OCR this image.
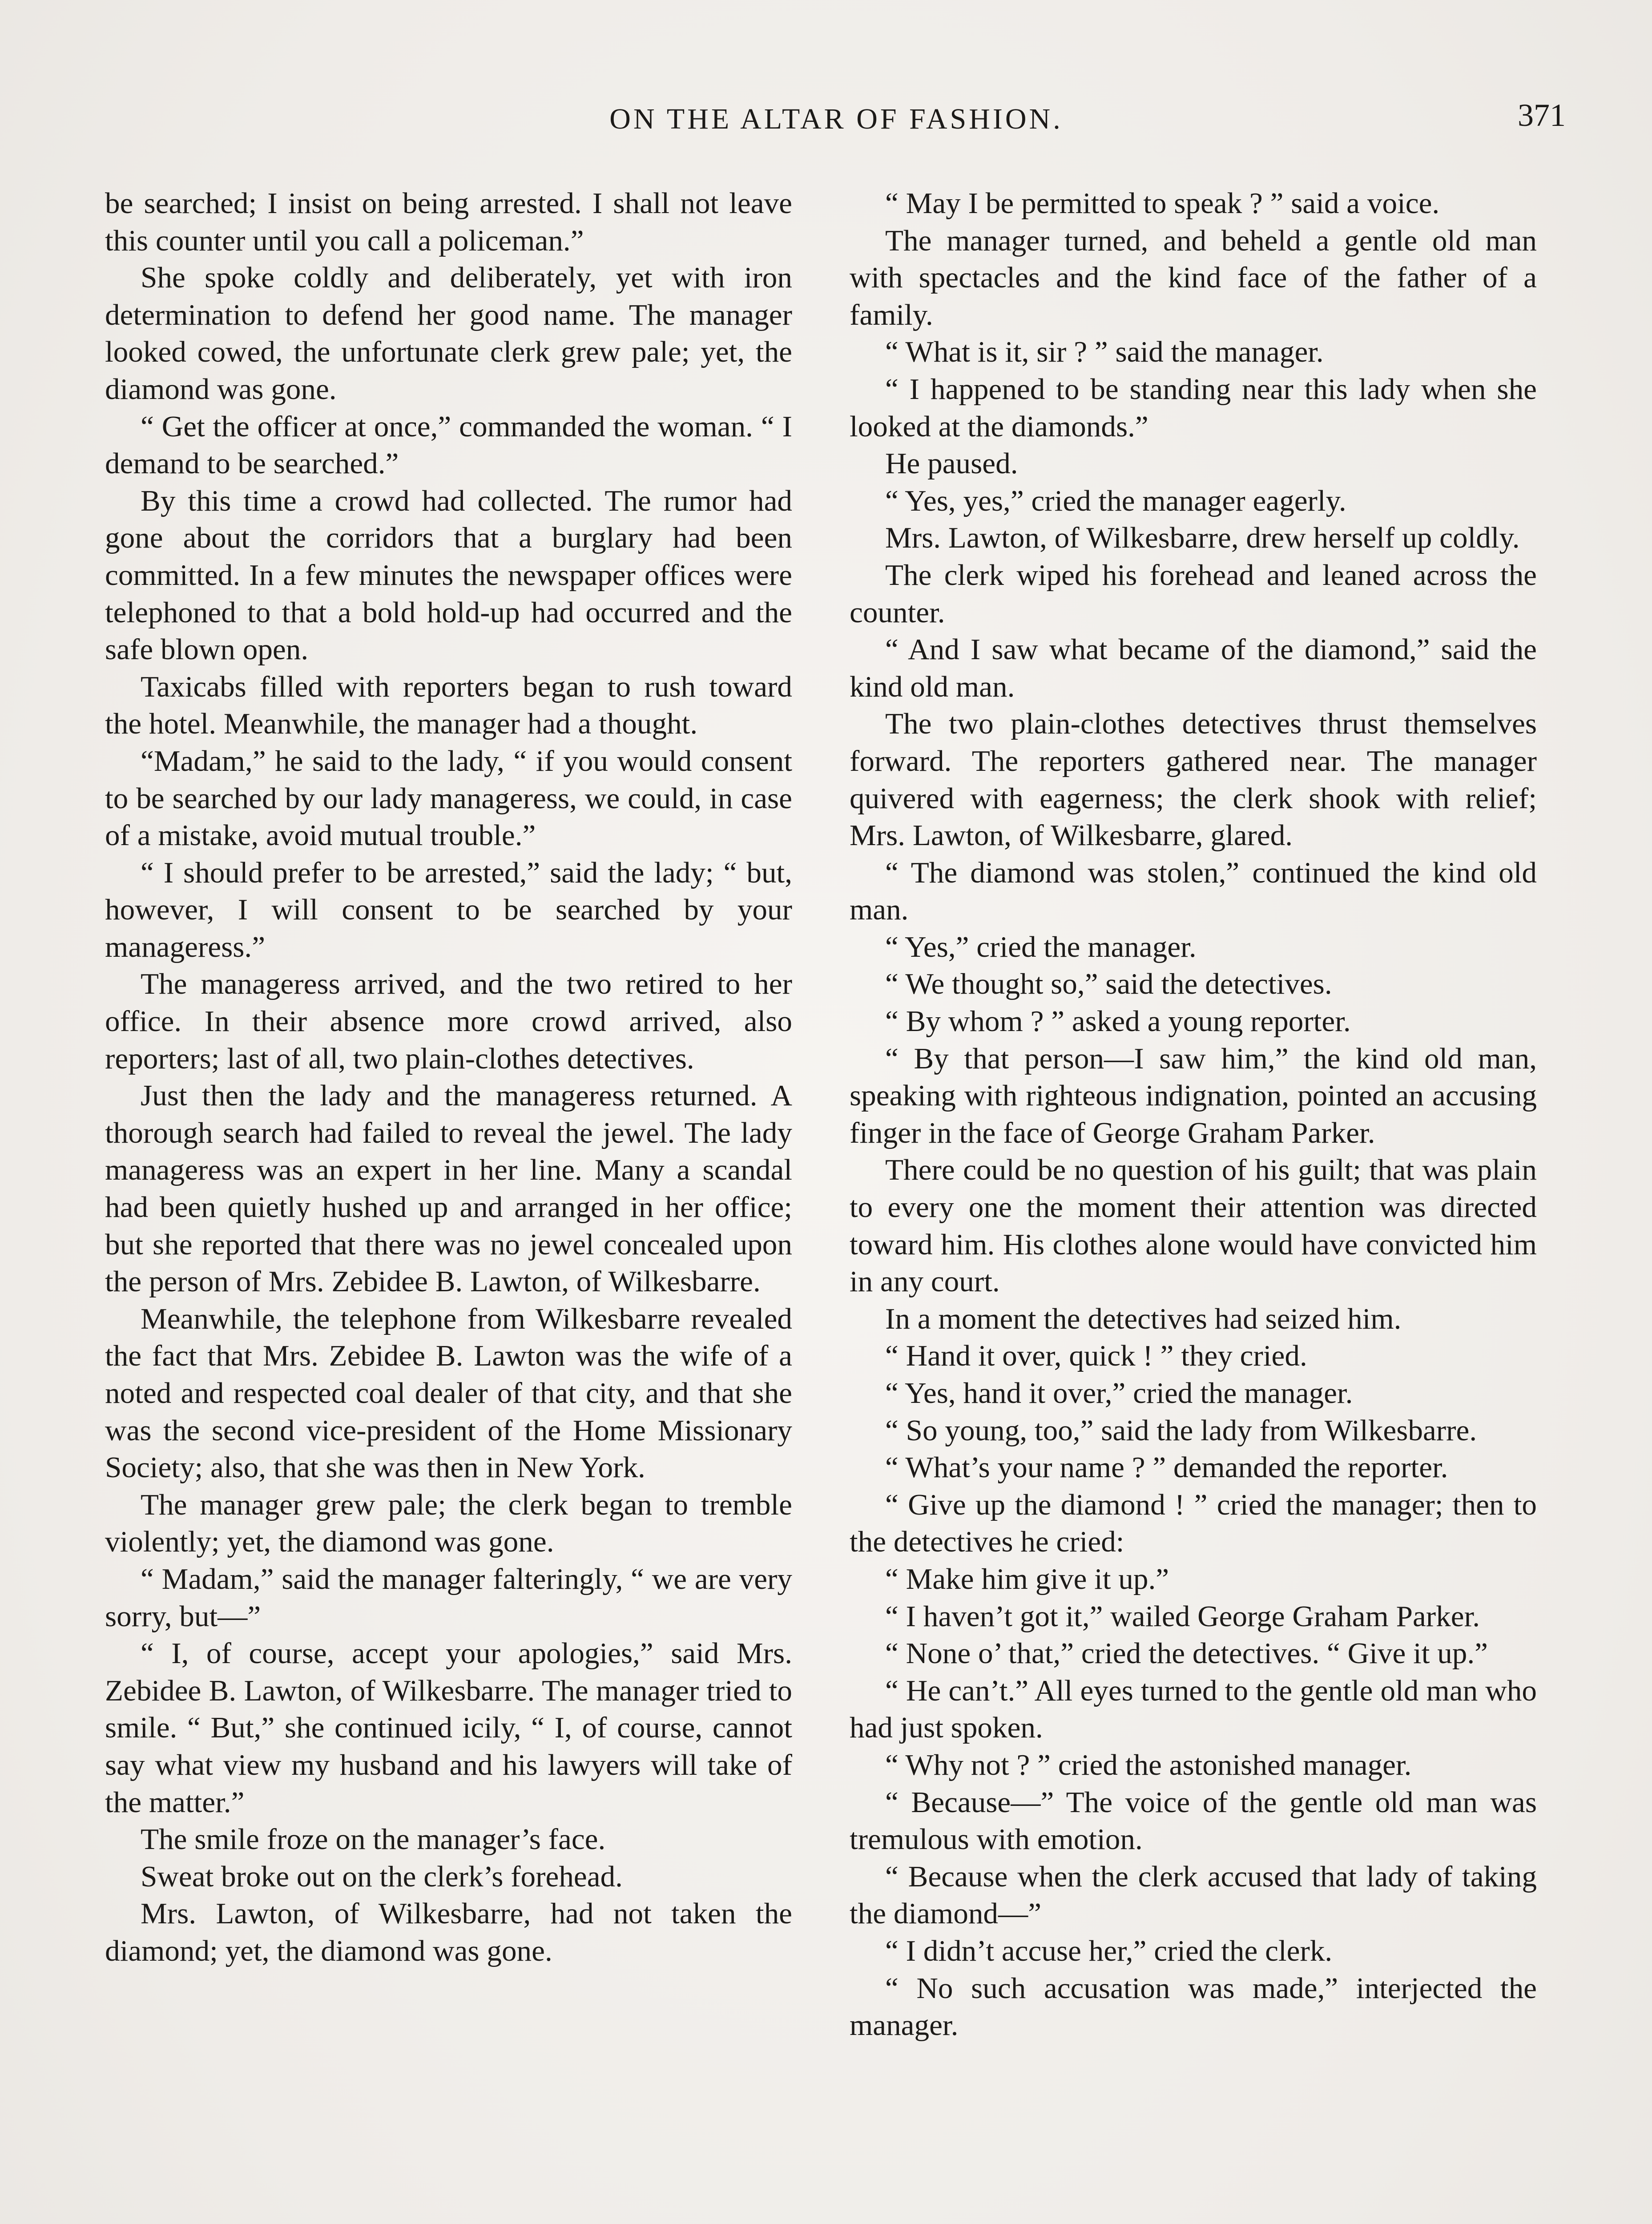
ON THE ALTAR OF FASHION.	371

be searched; I insist on being arrested. I shall not leave this counter until you call a policeman.”

She spoke coldly and deliberately, yet with iron determination to defend her good name. The manager looked cowed, the unfortunate clerk grew pale; yet, the diamond was gone.

“ Get the officer at once,” commanded the woman. “ I demand to be searched.”

By this time a crowd had collected. The rumor had gone about the corridors that a burglary had been committed. In a few minutes the newspaper offices were telephoned to that a bold hold-up had occurred and the safe blown open.

Taxicabs filled with reporters began to rush toward the hotel. Meanwhile, the manager had a thought.

“Madam,” he said to the lady, “ if you would consent to be searched by our lady manageress, we could, in case of a mistake, avoid mutual trouble.”

“ I should prefer to be arrested,” said the lady; “ but, however, I will consent to be searched by your manageress.”

The manageress arrived, and the two retired to her office. In their absence more crowd arrived, also reporters; last of all, two plain-clothes detectives.

Just then the lady and the manageress returned. A thorough search had failed to reveal the jewel. The lady manageress was an expert in her line. Many a scandal had been quietly hushed up and arranged in her office; but she reported that there was no jewel concealed upon the person of Mrs. Zebidee B. Lawton, of Wilkesbarre.

Meanwhile, the telephone from Wilkesbarre revealed the fact that Mrs. Zebidee B. Lawton was the wife of a noted and respected coal dealer of that city, and that she was the second vice-president of the Home Missionary Society; also, that she was then in New York.

The manager grew pale; the clerk began to tremble violently; yet, the diamond was gone.

“ Madam,” said the manager falteringly, “ we are very sorry, but—”

“ I, of course, accept your apologies,” said Mrs. Zebidee B. Lawton, of Wilkesbarre. The manager tried to smile. “ But,” she continued icily, “ I, of course, cannot say what view my husband and his lawyers will take of the matter.”

The smile froze on the manager’s face.

Sweat broke out on the clerk’s forehead.

Mrs. Lawton, of Wilkesbarre, had not taken the diamond; yet, the diamond was gone.

“ May I be permitted to speak ? ” said a voice.

The manager turned, and beheld a gentle old man with spectacles and the kind face of the father of a family.

“ What is it, sir ? ” said the manager.

“ I happened to be standing near this lady when she looked at the diamonds.”

He paused.

“ Yes, yes,” cried the manager eagerly.

Mrs. Lawton, of Wilkesbarre, drew herself up coldly.

The clerk wiped his forehead and leaned across the counter.

“ And I saw what became of the diamond,” said the kind old man.

The two plain-clothes detectives thrust themselves forward. The reporters gathered near. The manager quivered with eagerness; the clerk shook with relief; Mrs. Lawton, of Wilkesbarre, glared.

“ The diamond was stolen,” continued the kind old man.

“ Yes,” cried the manager.

“ We thought so,” said the detectives.

“ By whom ? ” asked a young reporter.

“ By that person—I saw him,” the kind old man, speaking with righteous indignation, pointed an accusing finger in the face of George Graham Parker.

There could be no question of his guilt; that was plain to every one the moment their attention was directed toward him. His clothes alone would have convicted him in any court.

In a moment the detectives had seized him.

“ Hand it over, quick ! ” they cried.

“ Yes, hand it over,” cried the manager.

“ So young, too,” said the lady from Wilkesbarre.

“ What’s your name ? ” demanded the reporter.

“ Give up the diamond ! ” cried the manager; then to the detectives he cried:

“ Make him give it up.”

“ I haven’t got it,” wailed George Graham Parker.

“ None o’ that,” cried the detectives. “ Give it up.”

“ He can’t.” All eyes turned to the gentle old man who had just spoken.

“ Why not ? ” cried the astonished manager.

“ Because—” The voice of the gentle old man was tremulous with emotion.

“ Because when the clerk accused that lady of taking the diamond—”

“ I didn’t accuse her,” cried the clerk.

“ No such accusation was made,” interjected the manager.
